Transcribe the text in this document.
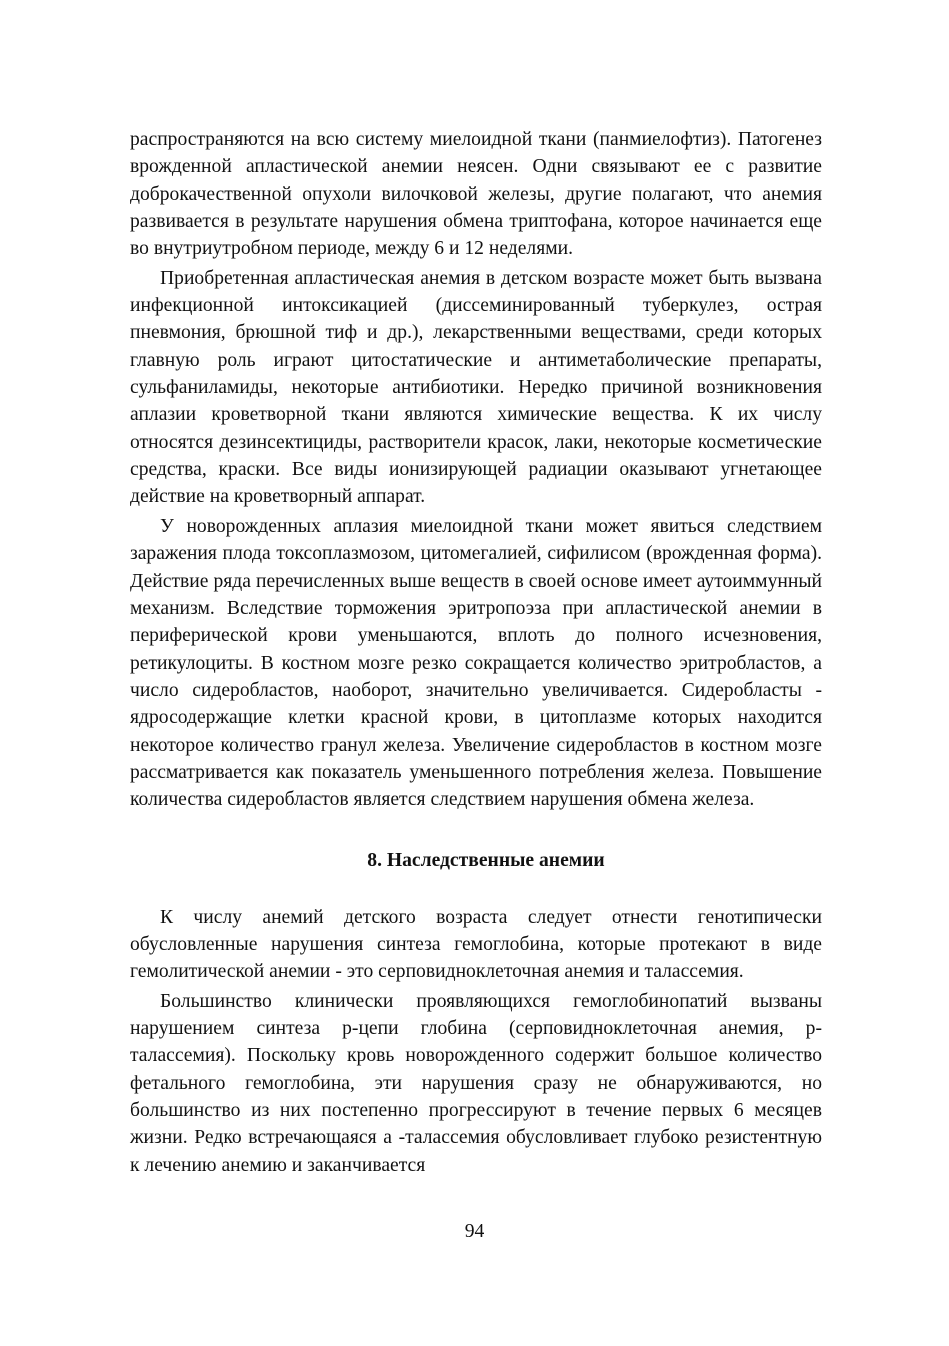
распространяются на всю систему миелоидной ткани (панмиелофтиз). Патогенез врожденной апластической анемии неясен. Одни связывают ее с развитие доброкачественной опухоли вилочковой железы, другие полагают, что анемия развивается в результате нарушения обмена триптофана, которое начинается еще во внутриутробном периоде, между 6 и 12 неделями.

Приобретенная апластическая анемия в детском возрасте может быть вызвана инфекционной интоксикацией (диссеминированный туберкулез, острая пневмония, брюшной тиф и др.), лекарственными веществами, среди которых главную роль играют цитостатические и антиметаболические препараты, сульфаниламиды, некоторые антибиотики. Нередко причиной возникновения аплазии кроветворной ткани являются химические вещества. К их числу относятся дезинсектициды, растворители красок, лаки, некоторые косметические средства, краски. Все виды ионизирующей радиации оказывают угнетающее действие на кроветворный аппарат.

У новорожденных аплазия миелоидной ткани может явиться следствием заражения плода токсоплазмозом, цитомегалией, сифилисом (врожденная форма). Действие ряда перечисленных выше веществ в своей основе имеет аутоиммунный механизм. Вследствие торможения эритропоэза при апластической анемии в периферической крови уменьшаются, вплоть до полного исчезновения, ретикулоциты. В костном мозге резко сокращается количество эритробластов, а число сидеробластов, наоборот, значительно увеличивается. Сидеробласты - ядросодержащие клетки красной крови, в цитоплазме которых находится некоторое количество гранул железа. Увеличение сидеробластов в костном мозге рассматривается как показатель уменьшенного потребления железа. Повышение количества сидеробластов является следствием нарушения обмена железа.

8. Наследственные анемии

К числу анемий детского возраста следует отнести генотипически обусловленные нарушения синтеза гемоглобина, которые протекают в виде гемолитической анемии - это серповидноклеточная анемия и талассемия.

Большинство клинически проявляющихся гемоглобинопатий вызваны нарушением синтеза р-цепи глобина (серповидноклеточная анемия, р-талассемия). Поскольку кровь новорожденного содержит большое количество фетального гемоглобина, эти нарушения сразу не обнаруживаются, но большинство из них постепенно прогрессируют в течение первых 6 месяцев жизни. Редко встречающаяся а -талассемия обусловливает глубоко резистентную к лечению анемию и заканчивается

94
